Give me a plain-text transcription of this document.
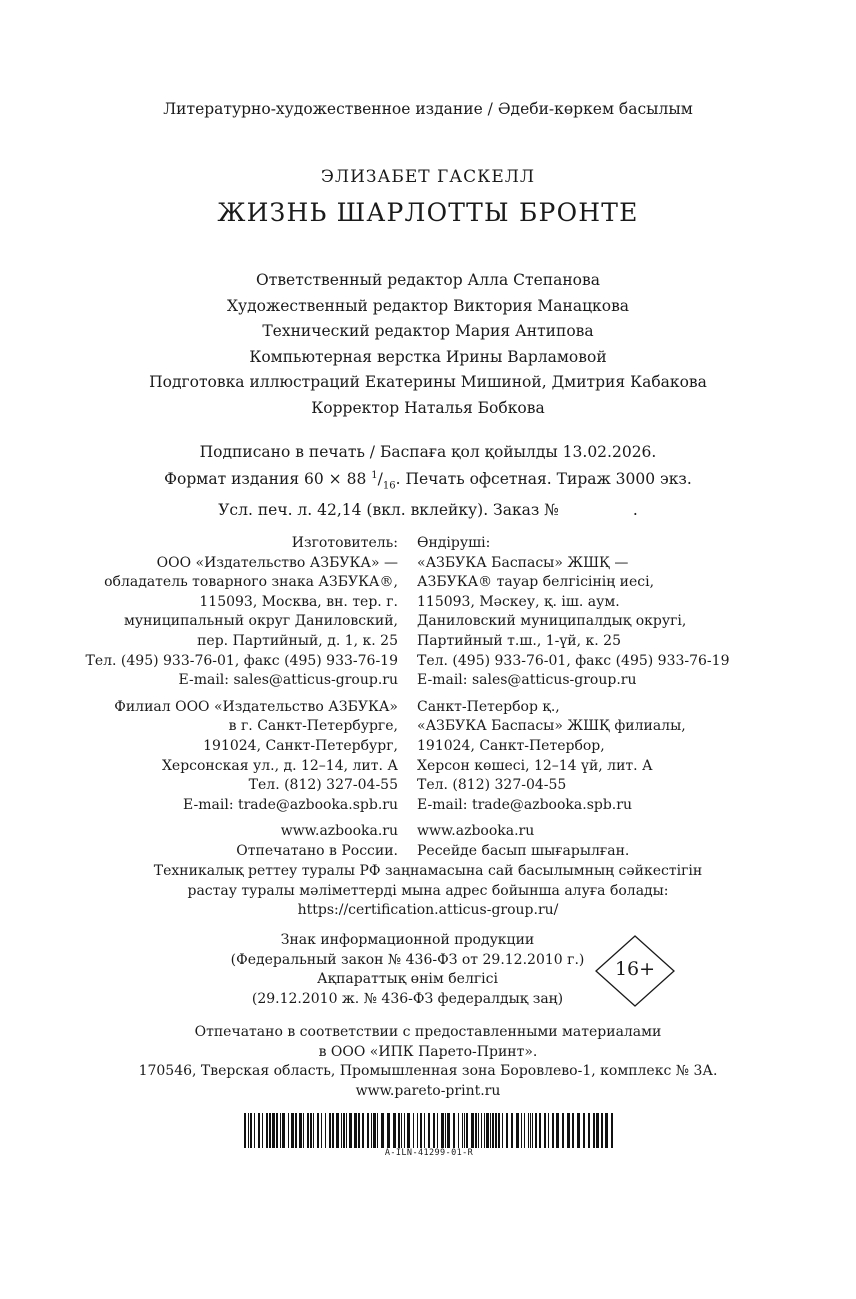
Литературно-художественное издание / Әдеби-көркем басылым
ЭЛИЗАБЕТ ГАСКЕЛЛ
ЖИЗНЬ ШАРЛОТТЫ БРОНТЕ
Ответственный редактор Алла Степанова
Художественный редактор Виктория Манацкова
Технический редактор Мария Антипова
Компьютерная верстка Ирины Варламовой
Подготовка иллюстраций Екатерины Мишиной, Дмитрия Кабакова
Корректор Наталья Бобкова
Подписано в печать / Баспаға қол қойылды 13.02.2026.
Формат издания 60 × 88 $^1/_{16}$. Печать офсетная. Тираж 3000 экз.
Усл. печ. л. 42,14 (вкл. вклейку). Заказ №               .
Изготовитель:
ООО «Издательство АЗБУКА» —
обладатель товарного знака АЗБУКА®,
115093, Москва, вн. тер. г.
муниципальный округ Даниловский,
пер. Партийный, д. 1, к. 25
Тел. (495) 933-76-01, факс (495) 933-76-19
E-mail: sales@atticus-group.ru
Филиал ООО «Издательство АЗБУКА»
в г. Санкт-Петербурге,
191024, Санкт-Петербург,
Херсонская ул., д. 12–14, лит. А
Тел. (812) 327-04-55
E-mail: trade@azbooka.spb.ru
www.azbooka.ru
Отпечатано в России.
Өндіруші:
«АЗБУКА Баспасы» ЖШҚ —
АЗБУКА® тауар белгісінің иесі,
115093, Мәскеу, қ. іш. аум.
Даниловский муниципалдық округі,
Партийный т.ш., 1-үй, к. 25
Тел. (495) 933-76-01, факс (495) 933-76-19
E-mail: sales@atticus-group.ru
Санкт-Петербор қ.,
«АЗБУКА Баспасы» ЖШҚ филиалы,
191024, Санкт-Петербор,
Херсон көшесі, 12–14 үй, лит. А
Тел. (812) 327-04-55
E-mail: trade@azbooka.spb.ru
www.azbooka.ru
Ресейде басып шығарылған.
Техникалық реттеу туралы РФ заңнамасына сай басылымның сәйкестігін
растау туралы мәліметтерді мына адрес бойынша алуға болады:
https://certification.atticus-group.ru/
Знак информационной продукции
(Федеральный закон № 436-ФЗ от 29.12.2010 г.)
Ақпараттық өнім белгісі
(29.12.2010 ж. № 436-ФЗ федералдық заң)
16+
Отпечатано в соответствии с предоставленными материалами
в ООО «ИПК Парето-Принт».
170546, Тверская область, Промышленная зона Боровлево-1, комплекс № 3А.
www.pareto-print.ru
A-ILN-41299-01-R
